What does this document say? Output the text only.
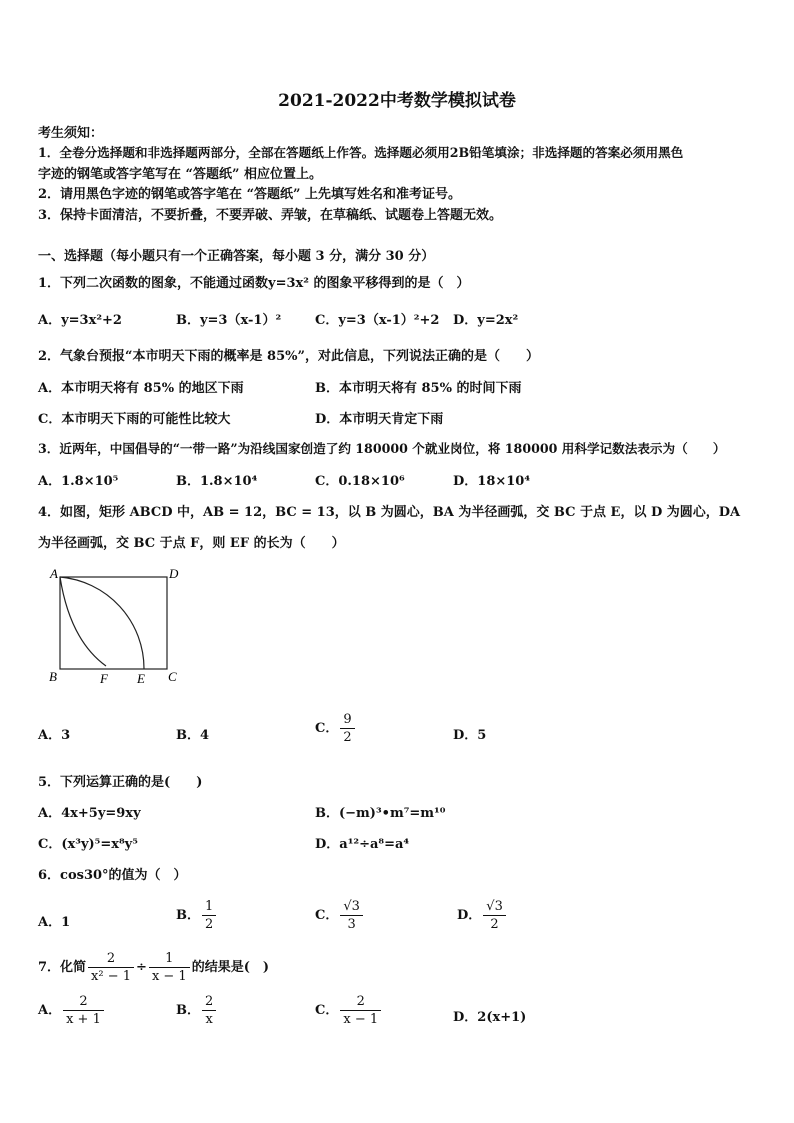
2021-2022中考数学模拟试卷
考生须知：
1．全卷分选择题和非选择题两部分，全部在答题纸上作答。选择题必须用2B铅笔填涂；非选择题的答案必须用黑色
字迹的钢笔或答字笔写在 “答题纸” 相应位置上。
2．请用黑色字迹的钢笔或答字笔在 “答题纸” 上先填写姓名和准考证号。
3．保持卡面清洁，不要折叠，不要弄破、弄皱，在草稿纸、试题卷上答题无效。
一、选择题（每小题只有一个正确答案，每小题 3 分，满分 30 分）
1．下列二次函数的图象，不能通过函数y=3x² 的图象平移得到的是（　）
A．y=3x²+2	B．y=3（x-1）²	C．y=3（x-1）²+2 D．y=2x²
2．气象台预报“本市明天下雨的概率是 85%”，对此信息，下列说法正确的是（　　）
A．本市明天将有 85% 的地区下雨	B．本市明天将有 85% 的时间下雨
C．本市明天下雨的可能性比较大	D．本市明天肯定下雨
3．近两年，中国倡导的“一带一路”为沿线国家创造了约 180000 个就业岗位，将 180000 用科学记数法表示为（　　）
A．1.8×10⁵	B．1.8×10⁴	C．0.18×10⁶	D．18×10⁴
4．如图，矩形 ABCD 中，AB = 12，BC = 13，以 B 为圆心，BA 为半径画弧，交 BC 于点 E，以 D 为圆心，DA
为半径画弧，交 BC 于点 F，则 EF 的长为（　　）
A	D
B	F E C
A．3	B．4	C． $\frac{9}{2}$	D．5
5．下列运算正确的是(　　)
A．4x+5y=9xy	B．(−m)³•m⁷=m¹⁰
C．(x³y)⁵=x⁸y⁵	D．a¹²÷a⁸=a⁴
6．cos30°的值为（　）
A．1	B． $\frac{1}{2}$	C． $\frac{√3}{3}$	D． $\frac{√3}{2}$
7．化简 $\frac{2}{\text{x² − 1}} \div \frac{1}{x - 1}$ 的结果是(　)
A． $\frac{2}{x + 1}$	B． $\frac{2}{x}$	C． $\frac{2}{x - 1}$	D．2(x+1)
